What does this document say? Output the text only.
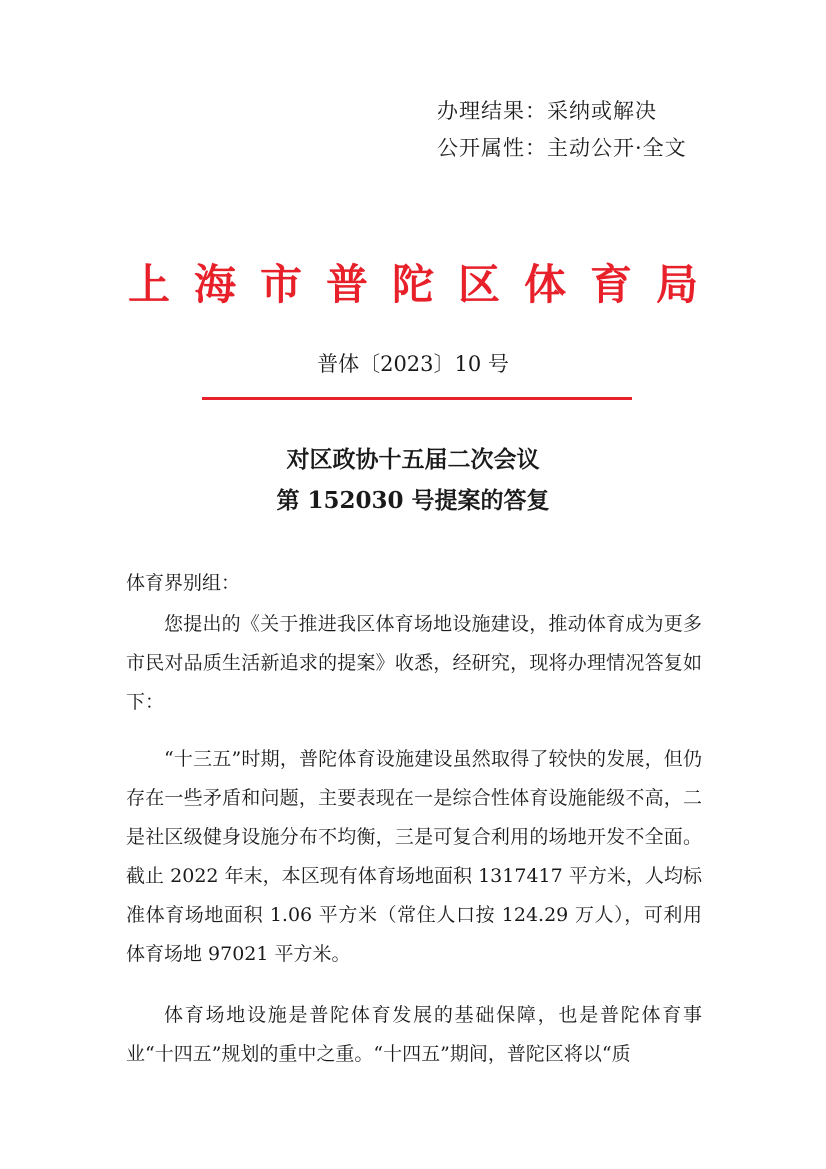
办理结果：采纳或解决
公开属性：主动公开·全文
上海市普陀区体育局
普体〔2023〕10 号
对区政协十五届二次会议
第 152030 号提案的答复
体育界别组：

您提出的《关于推进我区体育场地设施建设，推动体育成为更多市民对品质生活新追求的提案》收悉，经研究，现将办理情况答复如下：

“十三五”时期，普陀体育设施建设虽然取得了较快的发展，但仍存在一些矛盾和问题，主要表现在一是综合性体育设施能级不高，二是社区级健身设施分布不均衡，三是可复合利用的场地开发不全面。截止 2022 年末，本区现有体育场地面积 1317417 平方米，人均标准体育场地面积 1.06 平方米（常住人口按 124.29 万人），可利用体育场地 97021 平方米。

体育场地设施是普陀体育发展的基础保障，也是普陀体育事业“十四五”规划的重中之重。“十四五”期间，普陀区将以“质
